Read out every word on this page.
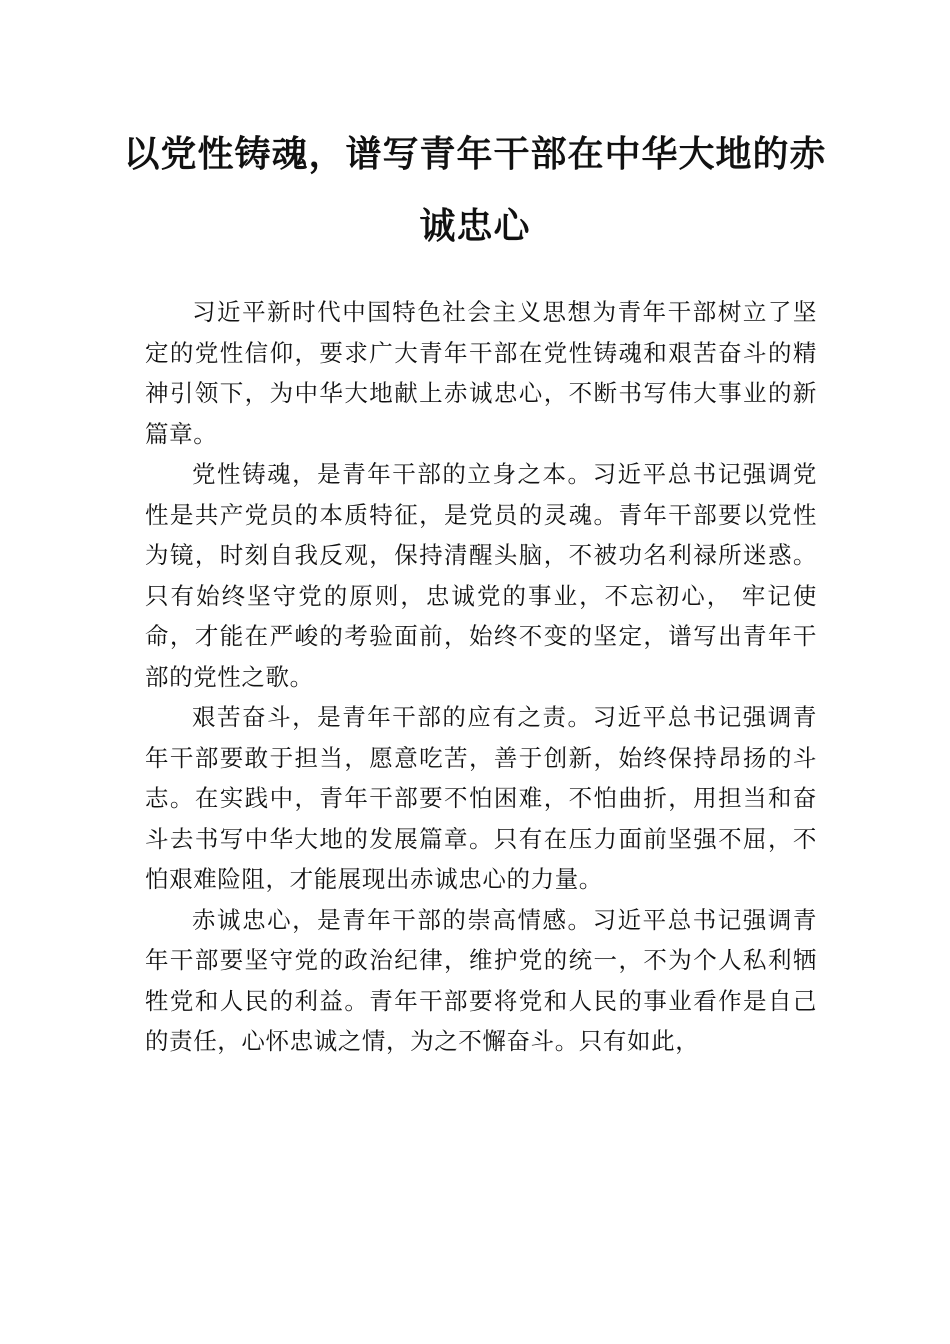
以党性铸魂，谱写青年干部在中华大地的赤
诚忠心

习近平新时代中国特色社会主义思想为青年干部树立了坚定的党性信仰，要求广大青年干部在党性铸魂和艰苦奋斗的精神引领下，为中华大地献上赤诚忠心，不断书写伟大事业的新篇章。

党性铸魂，是青年干部的立身之本。习近平总书记强调党性是共产党员的本质特征，是党员的灵魂。青年干部要以党性为镜，时刻自我反观，保持清醒头脑，不被功名利禄所迷惑。只有始终坚守党的原则，忠诚党的事业，不忘初心， 牢记使命，才能在严峻的考验面前，始终不变的坚定，谱写出青年干部的党性之歌。

艰苦奋斗，是青年干部的应有之责。习近平总书记强调青年干部要敢于担当，愿意吃苦，善于创新，始终保持昂扬的斗志。在实践中，青年干部要不怕困难，不怕曲折，用担当和奋斗去书写中华大地的发展篇章。只有在压力面前坚强不屈，不怕艰难险阻，才能展现出赤诚忠心的力量。

赤诚忠心，是青年干部的崇高情感。习近平总书记强调青年干部要坚守党的政治纪律，维护党的统一，不为个人私利牺牲党和人民的利益。青年干部要将党和人民的事业看作是自己的责任，心怀忠诚之情，为之不懈奋斗。只有如此，
